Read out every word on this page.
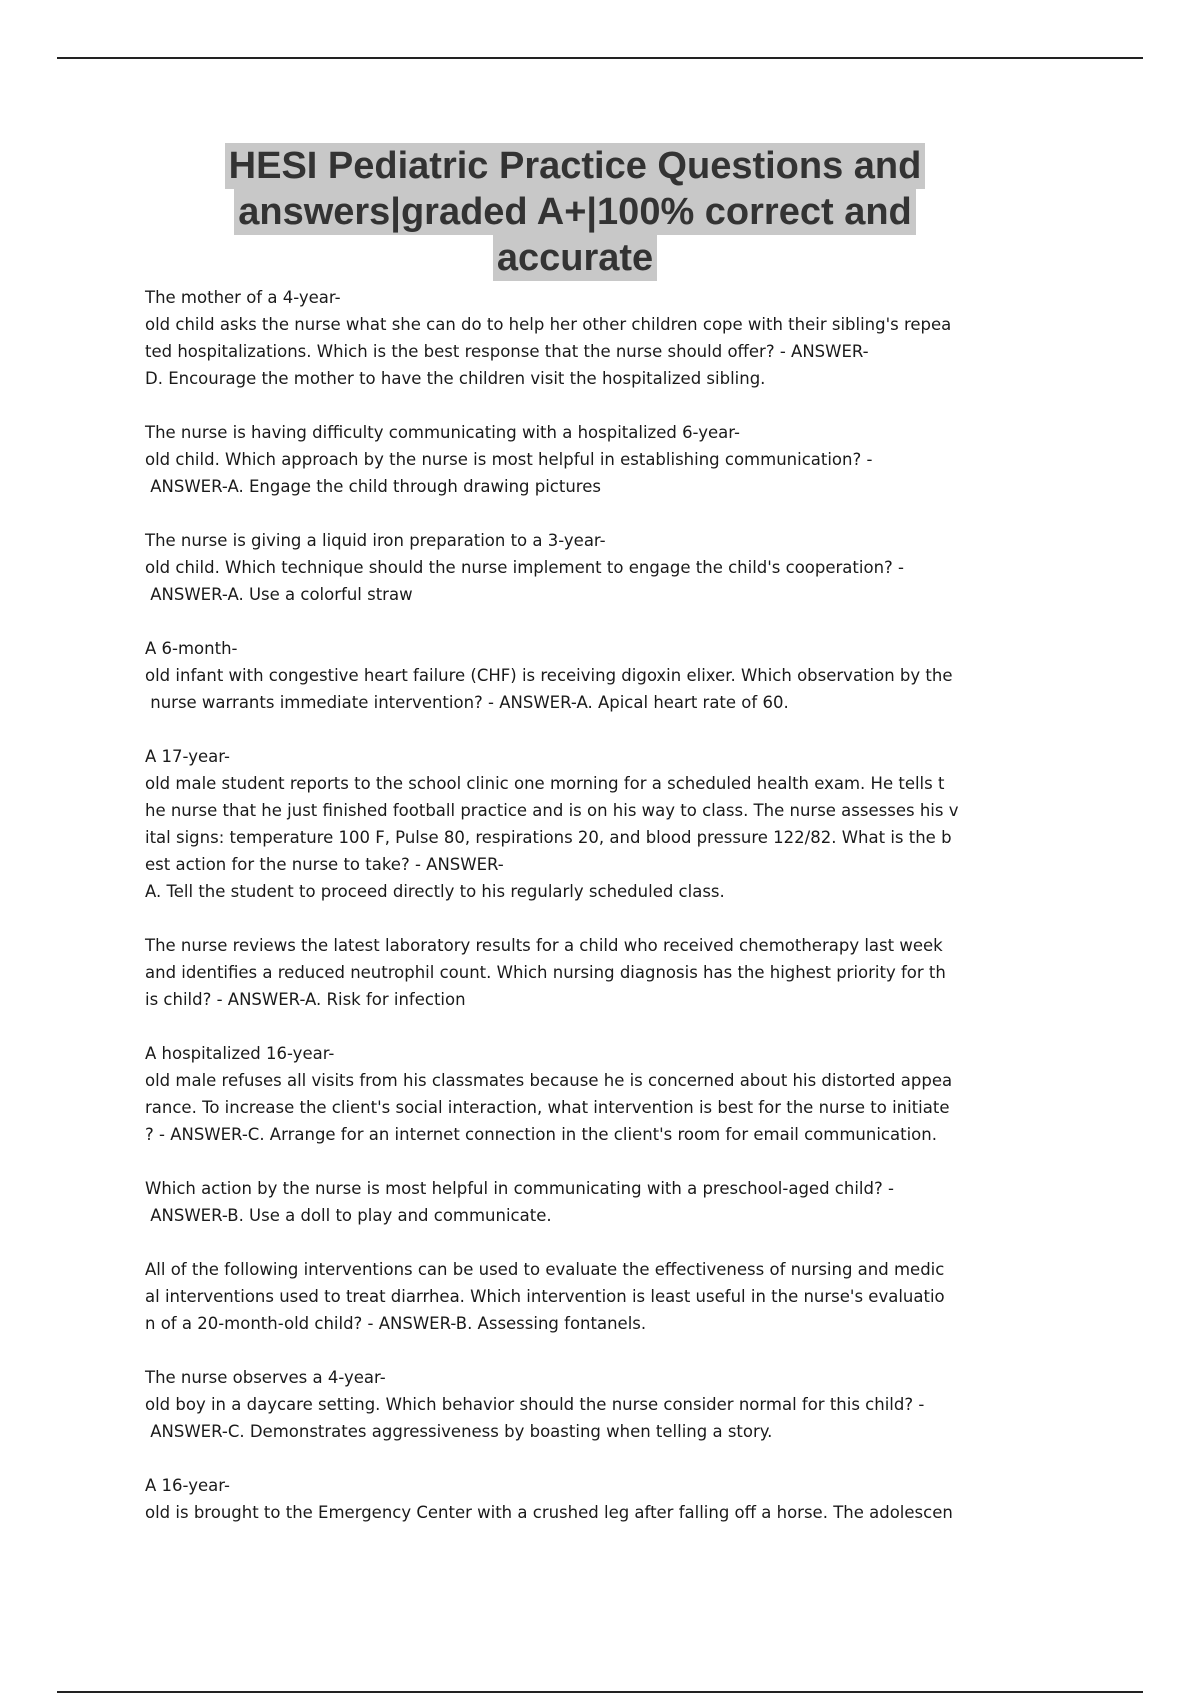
HESI Pediatric Practice Questions and
answers|graded A+|100% correct and
accurate
The mother of a 4-year-
old child asks the nurse what she can do to help her other children cope with their sibling's repea
ted hospitalizations. Which is the best response that the nurse should offer? - ANSWER-
D. Encourage the mother to have the children visit the hospitalized sibling.
The nurse is having difficulty communicating with a hospitalized 6-year-
old child. Which approach by the nurse is most helpful in establishing communication? -
ANSWER-A. Engage the child through drawing pictures
The nurse is giving a liquid iron preparation to a 3-year-
old child. Which technique should the nurse implement to engage the child's cooperation? -
ANSWER-A. Use a colorful straw
A 6-month-
old infant with congestive heart failure (CHF) is receiving digoxin elixer. Which observation by the
nurse warrants immediate intervention? - ANSWER-A. Apical heart rate of 60.
A 17-year-
old male student reports to the school clinic one morning for a scheduled health exam. He tells t
he nurse that he just finished football practice and is on his way to class. The nurse assesses his v
ital signs: temperature 100 F, Pulse 80, respirations 20, and blood pressure 122/82. What is the b
est action for the nurse to take? - ANSWER-
A. Tell the student to proceed directly to his regularly scheduled class.
The nurse reviews the latest laboratory results for a child who received chemotherapy last week
and identifies a reduced neutrophil count. Which nursing diagnosis has the highest priority for th
is child? - ANSWER-A. Risk for infection
A hospitalized 16-year-
old male refuses all visits from his classmates because he is concerned about his distorted appea
rance. To increase the client's social interaction, what intervention is best for the nurse to initiate
? - ANSWER-C. Arrange for an internet connection in the client's room for email communication.
Which action by the nurse is most helpful in communicating with a preschool-aged child? -
ANSWER-B. Use a doll to play and communicate.
All of the following interventions can be used to evaluate the effectiveness of nursing and medic
al interventions used to treat diarrhea. Which intervention is least useful in the nurse's evaluatio
n of a 20-month-old child? - ANSWER-B. Assessing fontanels.
The nurse observes a 4-year-
old boy in a daycare setting. Which behavior should the nurse consider normal for this child? -
ANSWER-C. Demonstrates aggressiveness by boasting when telling a story.
A 16-year-
old is brought to the Emergency Center with a crushed leg after falling off a horse. The adolescen
